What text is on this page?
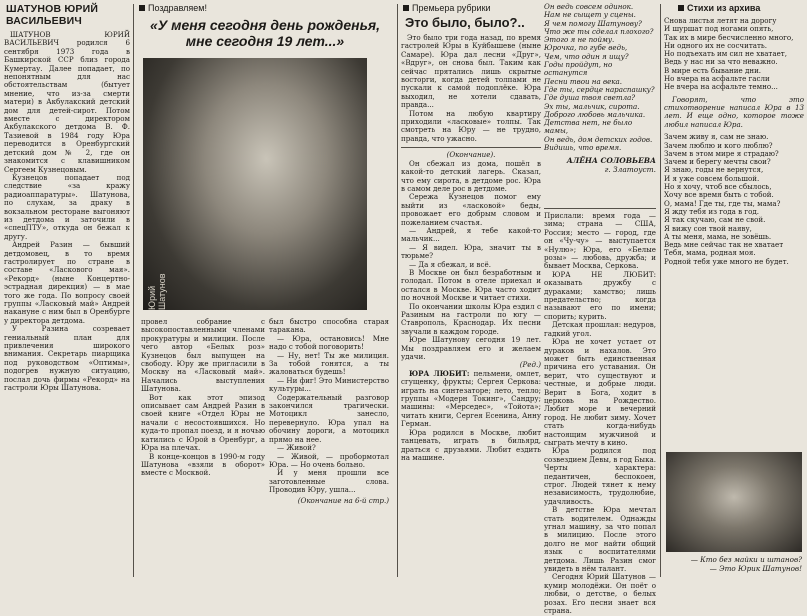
ШАТУНОВ ЮРИЙ ВАСИЛЬЕВИЧ

ШАТУНОВ ЮРИЙ ВАСИЛЬЕВИЧ родился 6 сентября 1973 года в Башкирской ССР близ города Кумертау. Далее попадает, по непонятным для нас обстоятельствам (бытует мнение, что из-за смерти матери) в Акбулакский детский дом для детей-сирот. Потом вместе с директором Акбулакского детдома В. Ф. Тазиевой в 1984 году Юра переводится в Оренбургский детский дом № 2, где он знакомится с клавишником Сергеем Кузнецовым.

Кузнецов попадает под следствие «за кражу радиоаппаратуры». Шатунова, по слухам, за драку в вокзальном ресторане выгоняют из детдома и заточили в «спецПТУ», откуда он бежал к другу.

Андрей Разин — бывший детдомовец, в то время гастролирует по стране в составе «Ласкового мая». «Рекорд» (ныне Концертно-эстрадная дирекция) — в мае того же года. По вопросу своей группы «Ласковый май» Андрей накануне с ним был в Оренбурге у директора детдома.

У Разина созревает гениальный план для привлечения широкого внимания. Секретарь пиарщика под руководством «Оптимы», подогрев нужную ситуацию, послал дочь фирмы «Рекорд» на гастроли Юры Шатунова.

Поздравляем!
«У меня сегодня день рожденья, мне сегодня 19 лет...»
Юрий Шатунов

провел собрание с высокопоставленными членами прокуратуры и милиции. После чего автор «Белых роз» Кузнецов был выпущен на свободу. Юру же пригласили в Москву на «Ласковый май». Начались выступления Шатунова.

Вот как этот эпизод описывает сам Андрей Разин в своей книге «Отдел Юры не начали с несостоявшихся. Но куда-то пропал поезд, и я ночью катились с Юрой в Оренбург, а Юра на плечах.

В конце-концов в 1990-м году Шатунова «взяли в оборот» вместе с Москвой.

был быстро способна старая таракана.

— Юра, остановись! Мне надо с тобой поговорить!

— Ну, нет! Ты же милиция. За тобой гонятся, а ты жаловаться будешь!

— Ни фиг! Это Министерство культуры...

Содержательный разговор закончился трагически. Мотоцикл занесло, перевернуло. Юра упал на обочину дороги, а мотоцикл прямо на нее.

— Живой?

— Живой, — пробормотал Юра. — Но очень больно.

И у меня прошли все заготовленные слова. Проводив Юру, ушла...

(Окончание на 6-й стр.)

Премьера рубрики
Это было, было?..

Это было три года назад, по время гастролей Юры в Куйбышеве (ныне Самаре). Юра дал лесни «Друг», «Вдруг», он снова был. Таким как сейчас прятались лишь скрытые восторги, когда детей толпами не пускали к самой подоплёке. Юра выходил, не хотели сдавать, правда...

Потом на любую квартиру приходили «ласковые» толпы. Так смотреть на Юру — не трудно, правда, что ужасно.

(Окончание).

Он сбежал из дома, пошёл в какой-то детский лагерь. Сказал, что ему сирота, в детдоме рос. Юра в самом деле рос в детдоме.

Сережа Кузнецов помог ему выйти из «ласковой» беды, провожает его добрым словом и пожеланием счастья.

— Андрей, я тебе какой-то мальчик...

— Я видел. Юра, значит ты в тюрьме?

— Да я сбежал, и всё.

В Москве он был безработным и голодал. Потом в отеле приехал и остался в Москве. Юра часто ходит по ночной Москве и читает стихи.

По окончании школы Юра ездил с Разиным на гастроли по югу — Ставрополь, Краснодар. Их песни звучали в каждом городе.

Юре Шатунову сегодня 19 лет. Мы поздравляем его и желаем удачи.

(Ред.)

ЮРА ЛЮБИТ: пельмени, омлет, сгущенку, фрукты; Сергея Серкова: играть на синтезаторе; лето, тепло; группы «Модерн Токинг», Сандру; машины: «Мерседес», «Тойота»; читать книги, Сергея Есенина, Анну Герман.

Юра родился в Москве, любит танцевать, играть в бильярд, драться с друзьями. Любит ездить на машине.

Он ведь совсем одинок.

Нам не сыщет у сцены.

Я чем помогу Шатунову?

Что же ты сделал плохого?

Этого я не пойму.

Юрочка, по губе ведь,

Чем, что один я ищу?

Годы пройдут, но останутся

Песни твои на века.

Где ты, сердце нараспашку?

Где душа твоя светла?

Эх ты, мальчик, сирота.

Доброго любовь мальчика.

Детства нет, не было мамы,

Он ведь, дом детских годов.

Видишь, что время.

АЛЁНА СОЛОВЬЕВА
г. Златоуст.

Прислали: время года — зима; страна — США, Россия; место — город, где он «Чу-чу» — выступается «Нулю»; Юра, его «Белые розы» — любовь, дружба; и бывает Москва, Серкова.

ЮРА НЕ ЛЮБИТ: оказывать дружбу с дураками; хамство; лишь предательство; когда называют его по имени; спорить; курить.

Детская прошлая: недуров, гадкий угол.

Юра не хочет устает от дураков и нахалов. Это может быть единственная причина его уставания. Он верит, что существуют и честные, и добрые люди. Верит в Бога, ходит в церковь на Рождество. Любит море и вечерний город. Не любит зиму. Хочет стать когда-нибудь настоящим мужчиной и сыграть мечту в кино.

Юра родился под созвездием Девы, в год Быка. Черты характера: педантичен, беспокоен, строг. Людей тянет к нему независимость, трудолюбие, удачливость.

В детстве Юра мечтал стать водителем. Однажды угнал машину, за что попал в милицию. После этого долго не мог найти общий язык с воспитателями детдома. Лишь Разин смог увидеть в нём талант.

Сегодня Юрий Шатунов — кумир молодёжи. Он поёт о любви, о детстве, о белых розах. Его песни знает вся страна.

Стихи из архива

Снова листья летят на дорогу

И шуршат под ногами опять,

Так их в мире бесчисленно много,

Ни одного их не сосчитать.

Но подъехать им сил не хватает,

Ведь у нас ни за что неважно.

В мире есть бывание дни.

Но вчера на асфальте гасли

Не вчера на асфальте темно...

Говорят, что это стихотворение написал Юра в 13 лет. И еще одно, которое тоже любил написал Юра.

Зачем живу я, сам не знаю.

Зачем люблю и кого люблю?

Зачем в этом мире я страдаю?

Зачем и берегу мечты свои?

Я знаю, годы не вернутся,

И я уже совсем большой.

Но я хочу, чтоб все сбылось,

Хочу все время быть с тобой.

О, мама! Где ты, где ты, мама?

Я жду тебя из года в год.

Я так скучаю, сам не свой.

Я вижу сон твой наяву,

А ты меня, мама, не зовёшь.

Ведь мне сейчас так не хватает

Тебя, мама, родная моя.

Родной тебя уже много не будет.

— Кто без майки и штанов?
— Это Юрик Шатунов!
